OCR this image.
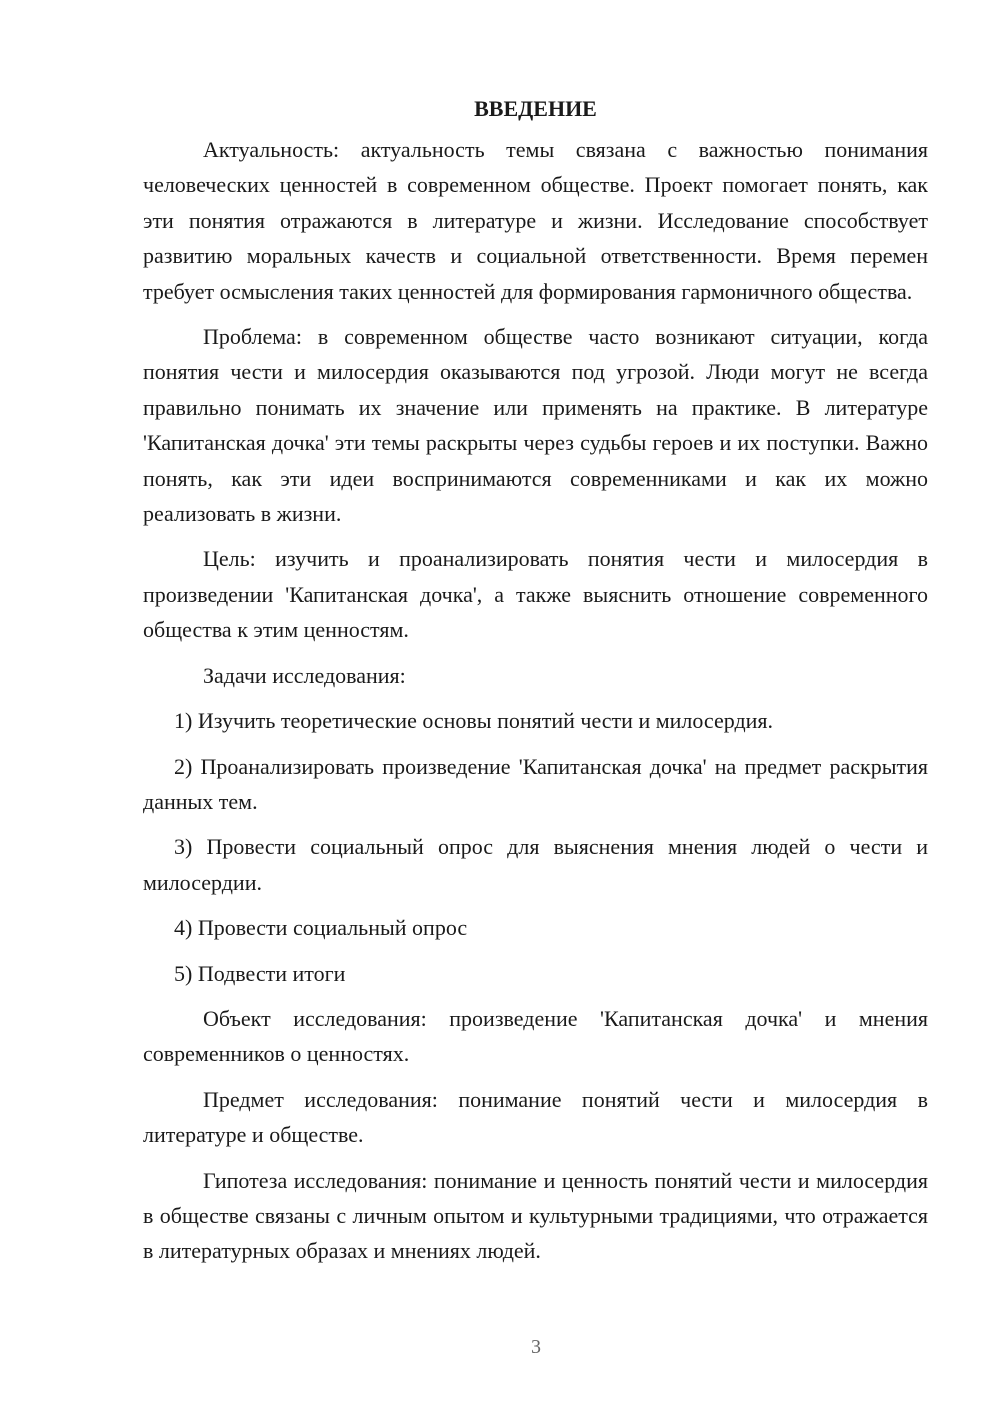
ВВЕДЕНИЕ

Актуальность: актуальность темы связана с важностью понимания человеческих ценностей в современном обществе. Проект помогает понять, как эти понятия отражаются в литературе и жизни. Исследование способствует развитию моральных качеств и социальной ответственности. Время перемен требует осмысления таких ценностей для формирования гармоничного общества.

Проблема: в современном обществе часто возникают ситуации, когда понятия чести и милосердия оказываются под угрозой. Люди могут не всегда правильно понимать их значение или применять на практике. В литературе 'Капитанская дочка' эти темы раскрыты через судьбы героев и их поступки. Важно понять, как эти идеи воспринимаются современниками и как их можно реализовать в жизни.

Цель: изучить и проанализировать понятия чести и милосердия в произведении 'Капитанская дочка', а также выяснить отношение современного общества к этим ценностям.

Задачи исследования:

1) Изучить теоретические основы понятий чести и милосердия.

2) Проанализировать произведение 'Капитанская дочка' на предмет раскрытия данных тем.

3) Провести социальный опрос для выяснения мнения людей о чести и милосердии.

4) Провести социальный опрос

5) Подвести итоги

Объект исследования: произведение 'Капитанская дочка' и мнения современников о ценностях.

Предмет исследования: понимание понятий чести и милосердия в литературе и обществе.

Гипотеза исследования: понимание и ценность понятий чести и милосердия в обществе связаны с личным опытом и культурными традициями, что отражается в литературных образах и мнениях людей.

3
